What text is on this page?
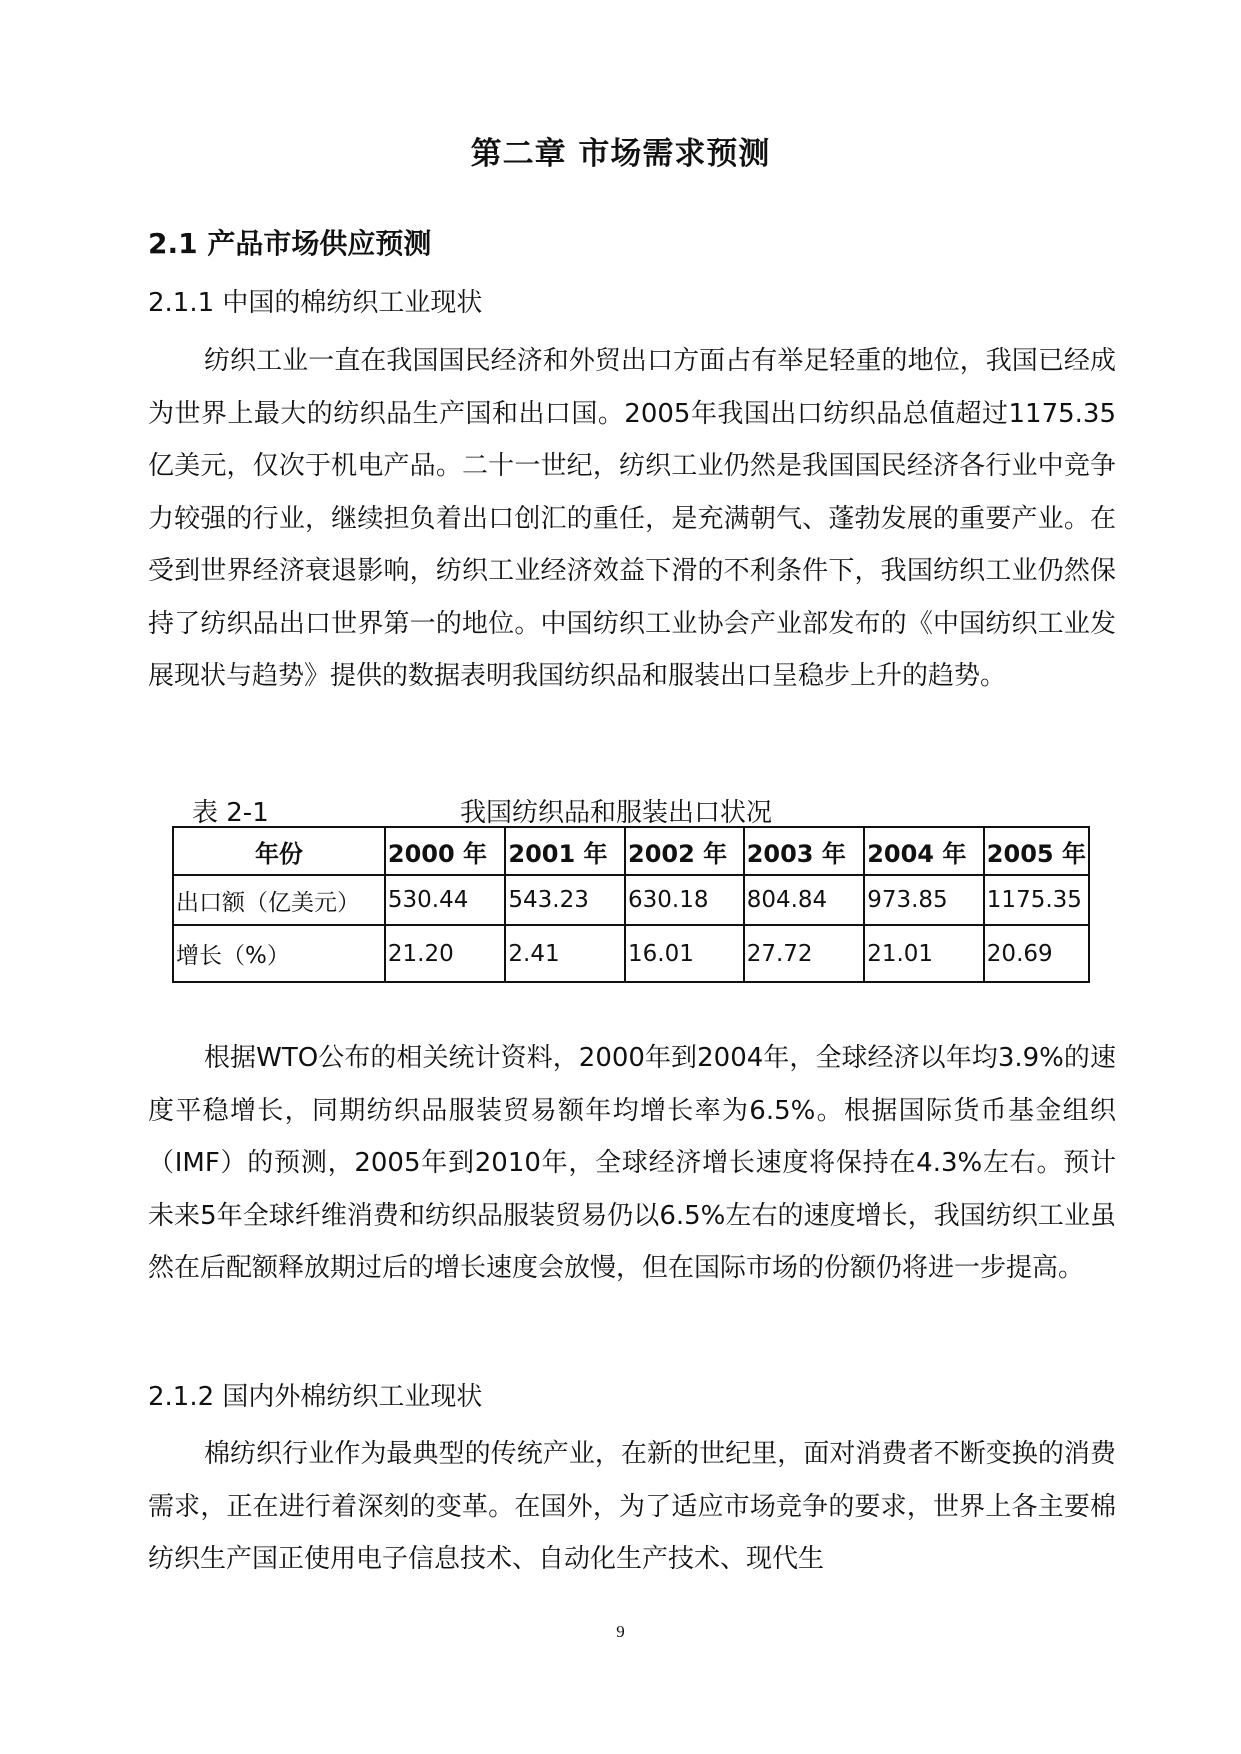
第二章 市场需求预测
2.1 产品市场供应预测
2.1.1 中国的棉纺织工业现状

纺织工业一直在我国国民经济和外贸出口方面占有举足轻重的地位，我国已经成为世界上最大的纺织品生产国和出口国。2005年我国出口纺织品总值超过1175.35亿美元，仅次于机电产品。二十一世纪，纺织工业仍然是我国国民经济各行业中竞争力较强的行业，继续担负着出口创汇的重任，是充满朝气、蓬勃发展的重要产业。在受到世界经济衰退影响，纺织工业经济效益下滑的不利条件下，我国纺织工业仍然保持了纺织品出口世界第一的地位。中国纺织工业协会产业部发布的《中国纺织工业发展现状与趋势》提供的数据表明我国纺织品和服装出口呈稳步上升的趋势。

表 2-1	我国纺织品和服装出口状况
年份	2000 年	2001 年	2002 年	2003 年	2004 年	2005 年
出口额（亿美元）	530.44	543.23	630.18	804.84	973.85	1175.35
增长（%）	21.20	2.41	16.01	27.72	21.01	20.69

根据WTO公布的相关统计资料，2000年到2004年，全球经济以年均3.9%的速度平稳增长，同期纺织品服装贸易额年均增长率为6.5%。根据国际货币基金组织（IMF）的预测，2005年到2010年，全球经济增长速度将保持在4.3%左右。预计未来5年全球纤维消费和纺织品服装贸易仍以6.5%左右的速度增长，我国纺织工业虽然在后配额释放期过后的增长速度会放慢，但在国际市场的份额仍将进一步提高。

2.1.2 国内外棉纺织工业现状

棉纺织行业作为最典型的传统产业，在新的世纪里，面对消费者不断变换的消费需求，正在进行着深刻的变革。在国外，为了适应市场竞争的要求，世界上各主要棉纺织生产国正使用电子信息技术、自动化生产技术、现代生

9
